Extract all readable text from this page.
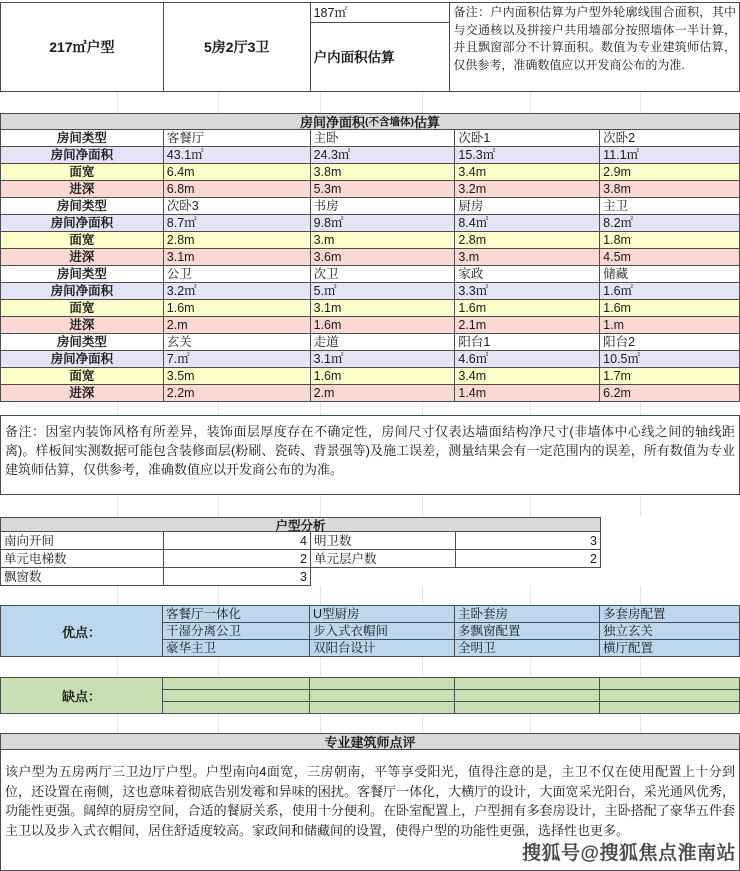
217㎡户型	5房2厅3卫
187㎡
户内面积估算
备注：户内面积估算为户型外轮廓线围合面积，其中与交通核以及拼接户共用墙部分按照墙体一半计算，并且飘窗部分不计算面积。数值为专业建筑师估算，仅供参考，准确数值应以开发商公布的为准.
房间净面积 (不含墙体) 估算
房间类型	客餐厅	主卧	次卧1	次卧2
房间净面积	43.1㎡	24.3㎡	15.3㎡	11.1㎡
面宽	6.4m	3.8m	3.4m	2.9m
进深	6.8m	5.3m	3.2m	3.8m
房间类型	次卧3	书房	厨房	主卫
房间净面积	8.7㎡	9.8㎡	8.4㎡	8.2㎡
面宽	2.8m	3.m	2.8m	1.8m
进深	3.1m	3.6m	3.m	4.5m
房间类型	公卫	次卫	家政	储藏
房间净面积	3.2㎡	5.㎡	3.3㎡	1.6㎡
面宽	1.6m	3.1m	1.6m	1.6m
进深	2.m	1.6m	2.1m	1.m
房间类型	玄关	走道	阳台1	阳台2
房间净面积	7.㎡	3.1㎡	4.6㎡	10.5㎡
面宽	3.5m	1.6m	3.4m	1.7m
进深	2.2m	2.m	1.4m	6.2m
备注：因室内装饰风格有所差异，装饰面层厚度存在不确定性，房间尺寸仅表达墙面结构净尺寸(非墙体中心线之间的轴线距离)。样板间实测数据可能包含装修面层(粉刷、瓷砖、背景强等)及施工误差，测量结果会有一定范围内的误差，所有数值为专业建筑师估算，仅供参考，准确数值应以开发商公布的为准。
户型分析
南向开间	4 明卫数	3
单元电梯数	2 单元层户数	2
飘窗数	3
优点：
客餐厅一体化	U型厨房	主卧套房	多套房配置
干湿分离公卫	步入式衣帽间	多飘窗配置	独立玄关
豪华主卫	双阳台设计	全明卫	横厅配置
缺点：
专业建筑师点评
该户型为五房两厅三卫边厅户型。户型南向4面宽，三房朝南，平等享受阳光，值得注意的是，主卫不仅在使用配置上十分到位，还设置在南侧，这也意味着彻底告别发霉和异味的困扰。客餐厅一体化，大横厅的设计，大面宽采光阳台，采光通风优秀，功能性更强。阔绰的厨房空间，合适的餐厨关系，使用十分便利。在卧室配置上，户型拥有多套房设计，主卧搭配了豪华五件套主卫以及步入式衣帽间，居住舒适度较高。家政间和储藏间的设置，使得户型的功能性更强，选择性也更多。
搜狐号@搜狐焦点淮南站
